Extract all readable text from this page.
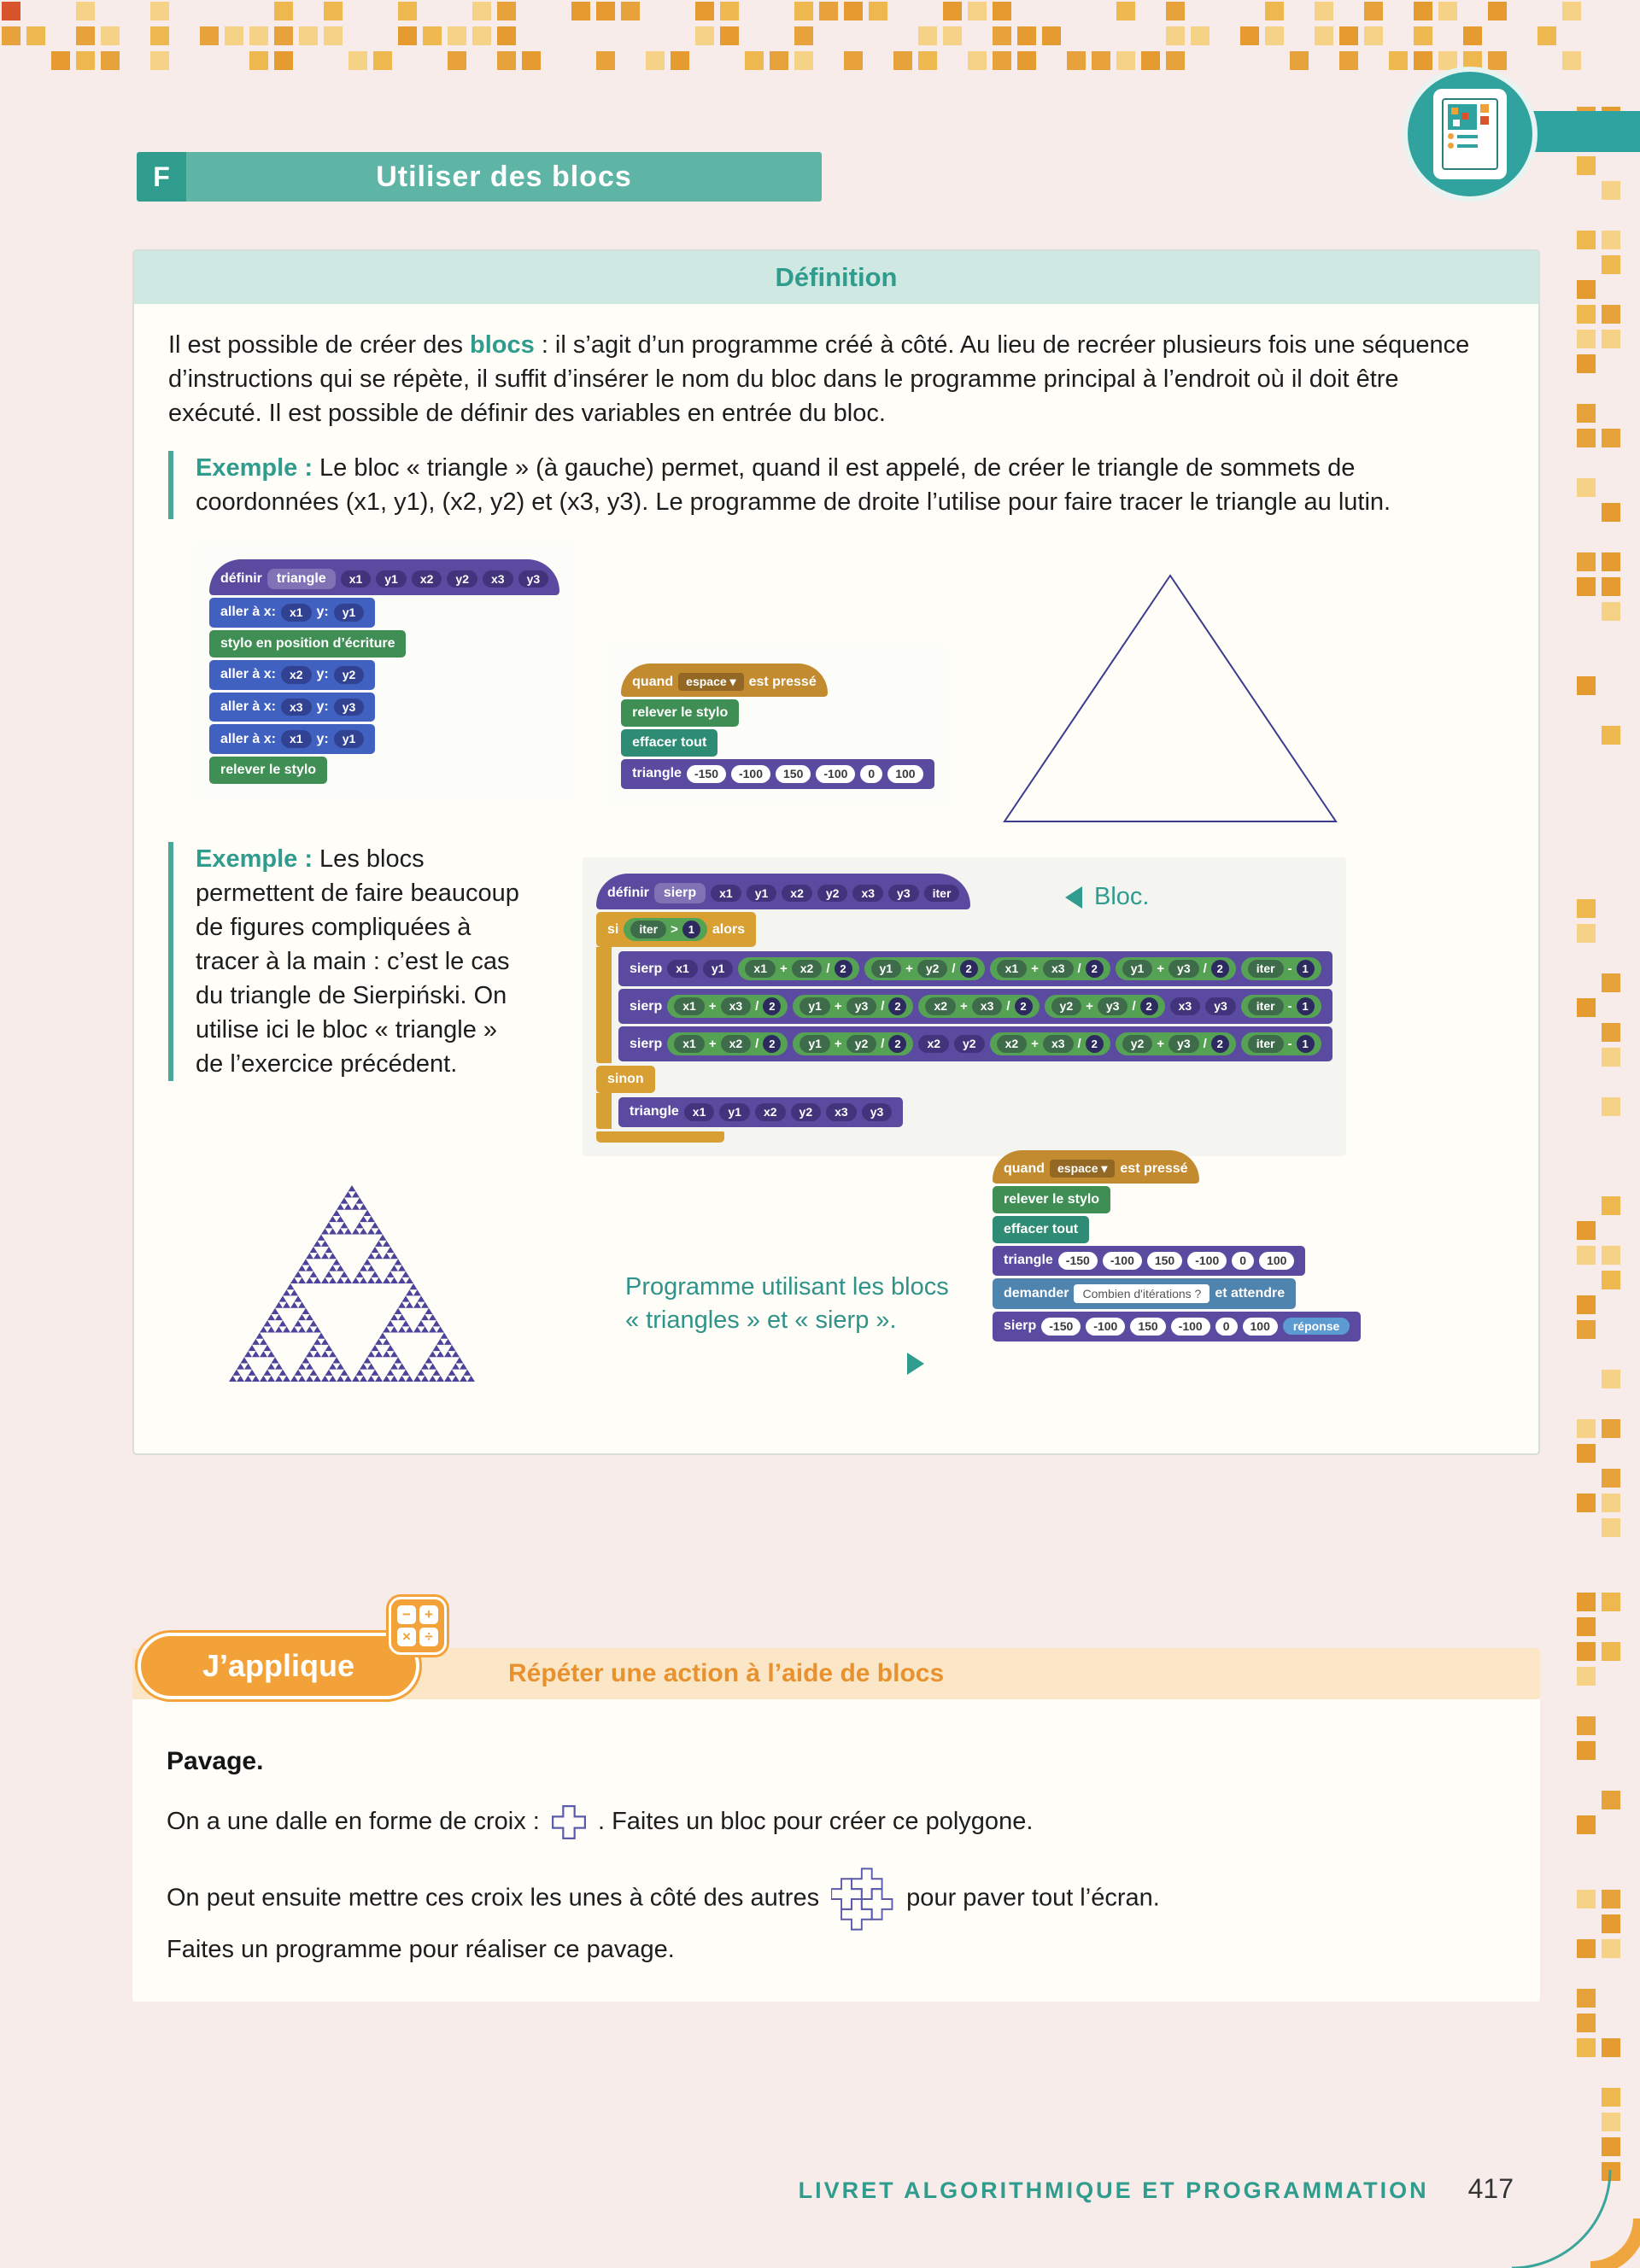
F	Utiliser des blocs
Définition

Il est possible de créer des blocs : il s’agit d’un programme créé à côté. Au lieu de recréer plusieurs fois une séquence d’instructions qui se répète, il suffit d’insérer le nom du bloc dans le programme principal à l’endroit où il doit être exécuté. Il est possible de définir des variables en entrée du bloc.

Exemple : Le bloc « triangle » (à gauche) permet, quand il est appelé, de créer le triangle de sommets de coordonnées (x1, y1), (x2, y2) et (x3, y3). Le programme de droite l’utilise pour faire tracer le triangle au lutin.
définir	triangle	x1	y1	x2	y2	x3	y3
aller à x:	x1	y:	y1
stylo en position d’écriture
aller à x:	x2	y:	y2
aller à x:	x3	y:	y3
aller à x:	x1	y:	y1
relever le stylo
quand	espace ▾ est pressé
relever le stylo
effacer tout
triangle	-150	-100	150	-100	0	100
Exemple : Les blocs permettent de faire beaucoup de figures compliquées à tracer à la main : c’est le cas du triangle de Sierpiński. On utilise ici le bloc « triangle » de l’exercice précédent.
définir	sierp	x1	y1	x2	y2	x3	y3	iter
si	iter	> 1	alors
sierp	x1	y1	x1	+	x2	/ 2	y1	+	y2	/ 2	x1	+	x3	/ 2	y1	+	y3	/ 2	iter	- 1
sierp	x1	+	x3	/ 2	y1	+	y3	/ 2	x2	+	x3	/ 2	y2	+	y3	/ 2	x3	y3	iter	- 1
sierp	x1	+	x2	/ 2	y1	+	y2	/ 2	x2	y2	x2	+	x3	/ 2	y2	+	y3	/ 2	iter	- 1
sinon
triangle	x1	y1	x2	y2	x3	y3
Bloc.
quand	espace ▾ est pressé
relever le stylo
effacer tout
triangle	-150	-100	150	-100	0	100
demander	Combien d'itérations ?	et attendre
sierp	-150	-100	150	-100	0	100	réponse
Programme utilisant les blocs « triangles » et « sierp ».
Répéter une action à l’aide de blocs
J’applique
− +
× ÷

Pavage.

On a une dalle en forme de croix :  . Faites un bloc pour créer ce polygone.

On peut ensuite mettre ces croix les unes à côté des autres	pour paver tout l’écran.
Faites un programme pour réaliser ce pavage.

LIVRET ALGORITHMIQUE ET PROGRAMMATION 417
